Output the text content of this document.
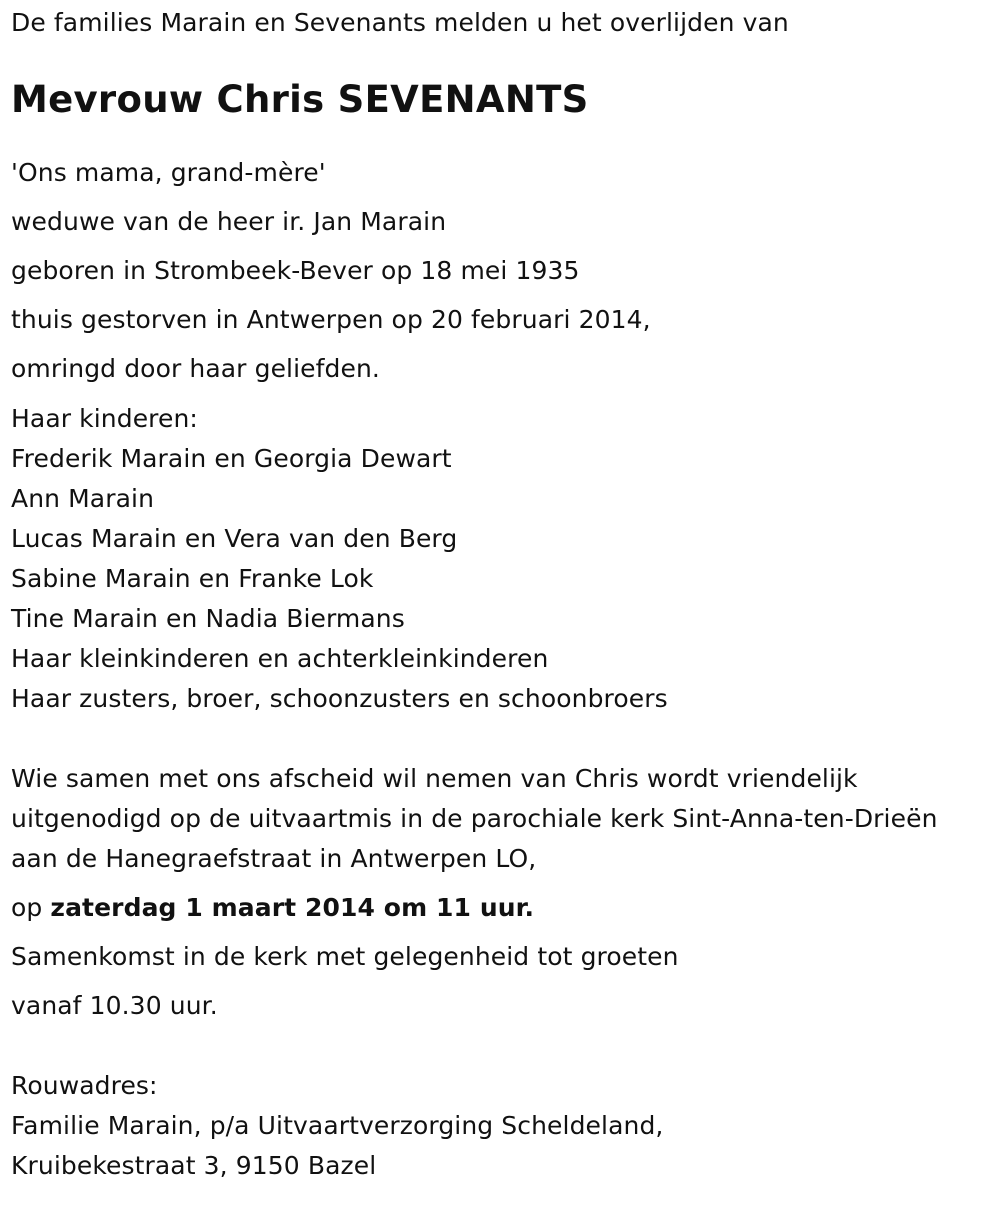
De families Marain en Sevenants melden u het overlijden van
Mevrouw Chris SEVENANTS
'Ons mama, grand-mère'
weduwe van de heer ir. Jan Marain
geboren in Strombeek-Bever op 18 mei 1935
thuis gestorven in Antwerpen op 20 februari 2014,
omringd door haar geliefden.
Haar kinderen:
Frederik Marain en Georgia Dewart
Ann Marain
Lucas Marain en Vera van den Berg
Sabine Marain en Franke Lok
Tine Marain en Nadia Biermans
Haar kleinkinderen en achterkleinkinderen
Haar zusters, broer, schoonzusters en schoonbroers
Wie samen met ons afscheid wil nemen van Chris wordt vriendelijk
uitgenodigd op de uitvaartmis in de parochiale kerk Sint-Anna-ten-Drieën
aan de Hanegraefstraat in Antwerpen LO,
op zaterdag 1 maart 2014 om 11 uur.
Samenkomst in de kerk met gelegenheid tot groeten
vanaf 10.30 uur.
Rouwadres:
Familie Marain, p/a Uitvaartverzorging Scheldeland,
Kruibekestraat 3, 9150 Bazel
